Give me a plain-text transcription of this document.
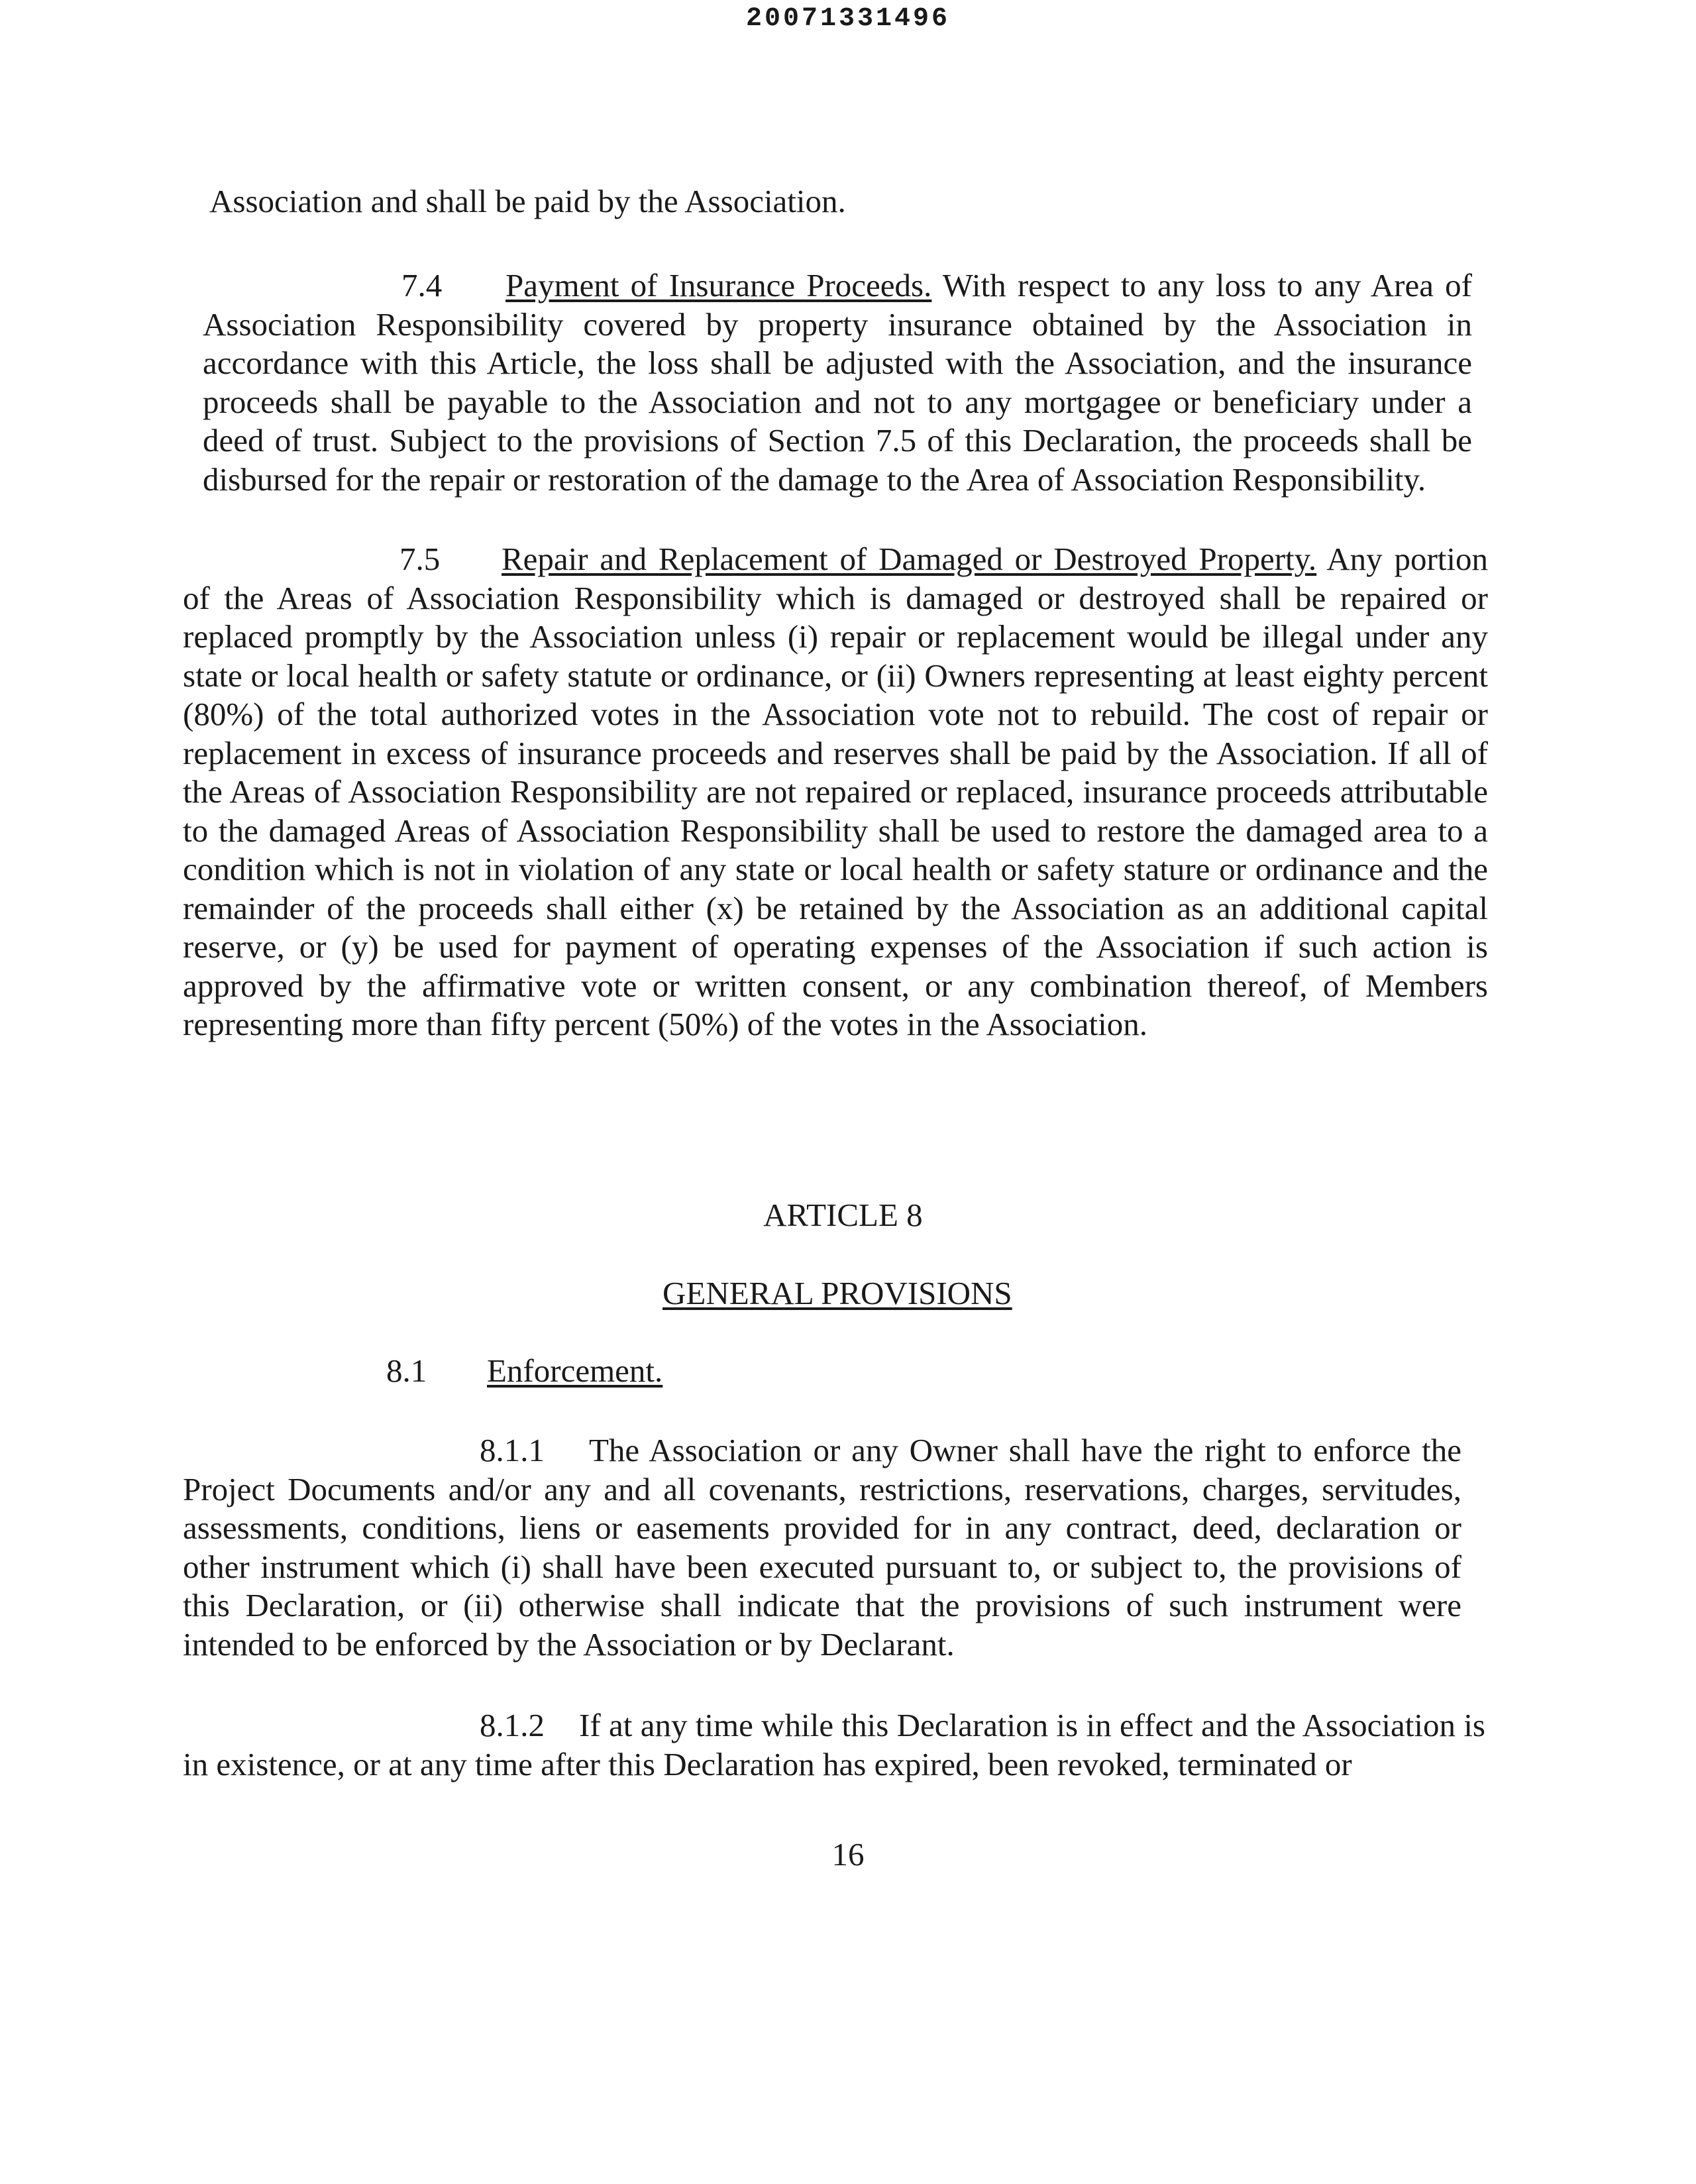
20071331496

Association and shall be paid by the Association.

7.4 Payment of Insurance Proceeds. With respect to any loss to any Area of Association Responsibility covered by property insurance obtained by the Association in accordance with this Article, the loss shall be adjusted with the Association, and the insurance proceeds shall be payable to the Association and not to any mortgagee or beneficiary under a deed of trust. Subject to the provisions of Section 7.5 of this Declaration, the proceeds shall be disbursed for the repair or restoration of the damage to the Area of Association Responsibility.

7.5 Repair and Replacement of Damaged or Destroyed Property. Any portion of the Areas of Association Responsibility which is damaged or destroyed shall be repaired or replaced promptly by the Association unless (i) repair or replacement would be illegal under any state or local health or safety statute or ordinance, or (ii) Owners representing at least eighty percent (80%) of the total authorized votes in the Association vote not to rebuild. The cost of repair or replacement in excess of insurance proceeds and reserves shall be paid by the Association. If all of the Areas of Association Responsibility are not repaired or replaced, insurance proceeds attributable to the damaged Areas of Association Responsibility shall be used to restore the damaged area to a condition which is not in violation of any state or local health or safety stature or ordinance and the remainder of the proceeds shall either (x) be retained by the Association as an additional capital reserve, or (y) be used for payment of operating expenses of the Association if such action is approved by the affirmative vote or written consent, or any combination thereof, of Members representing more than fifty percent (50%) of the votes in the Association.

ARTICLE 8
GENERAL PROVISIONS
8.1 Enforcement.

8.1.1 The Association or any Owner shall have the right to enforce the Project Documents and/or any and all covenants, restrictions, reservations, charges, servitudes, assessments, conditions, liens or easements provided for in any contract, deed, declaration or other instrument which (i) shall have been executed pursuant to, or subject to, the provisions of this Declaration, or (ii) otherwise shall indicate that the provisions of such instrument were intended to be enforced by the Association or by Declarant.

8.1.2 If at any time while this Declaration is in effect and the Association is in existence, or at any time after this Declaration has expired, been revoked, terminated or

16
